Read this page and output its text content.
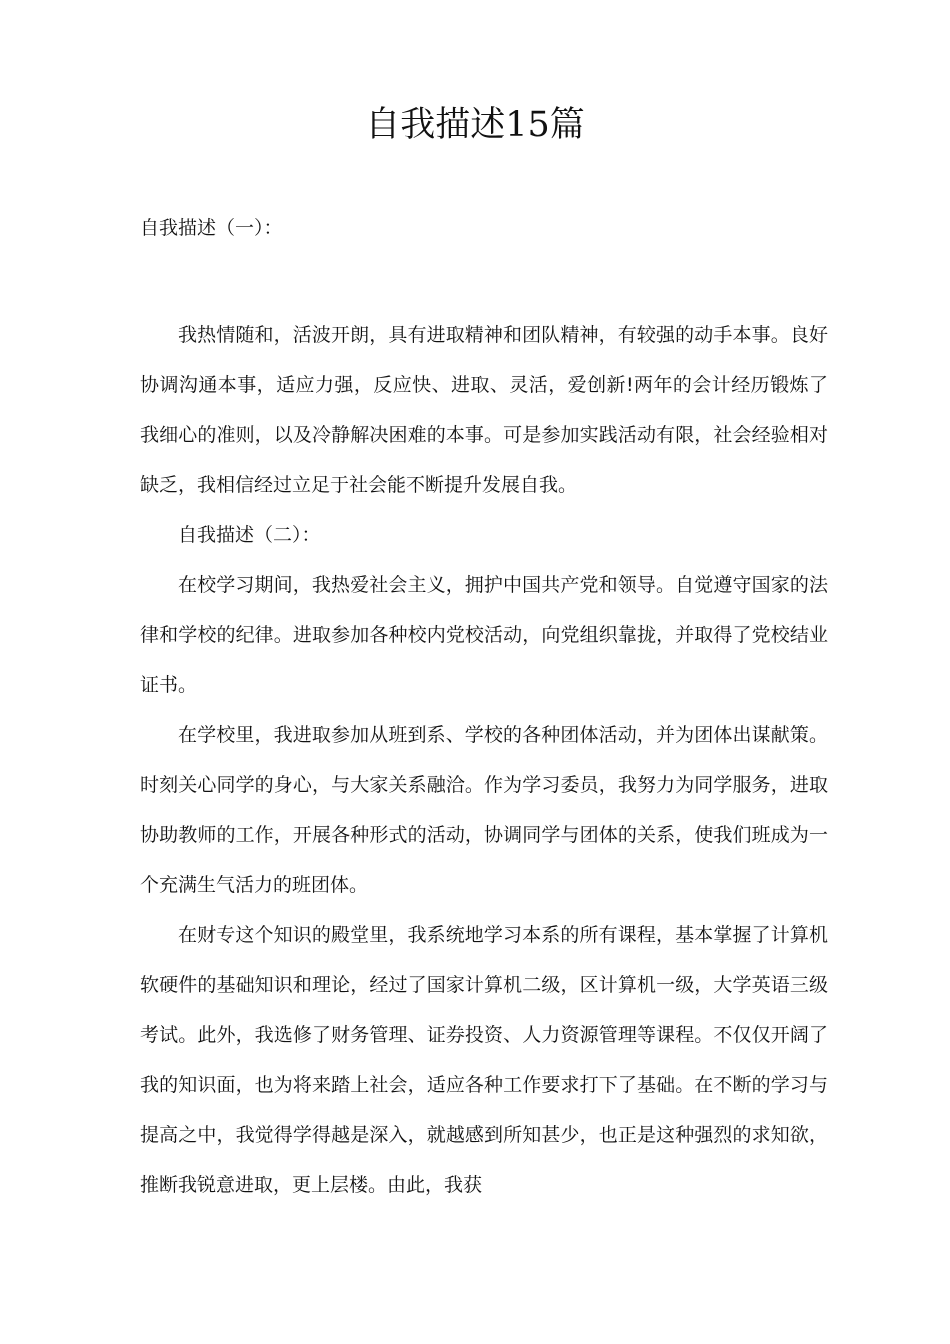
自我描述15篇
自我描述（一）：

我热情随和，活波开朗，具有进取精神和团队精神，有较强的动手本事。良好协调沟通本事，适应力强，反应快、进取、灵活，爱创新!两年的会计经历锻炼了我细心的准则，以及冷静解决困难的本事。可是参加实践活动有限，社会经验相对缺乏，我相信经过立足于社会能不断提升发展自我。

自我描述（二）：

在校学习期间，我热爱社会主义，拥护中国共产党和领导。自觉遵守国家的法律和学校的纪律。进取参加各种校内党校活动，向党组织靠拢，并取得了党校结业证书。

在学校里，我进取参加从班到系、学校的各种团体活动，并为团体出谋献策。时刻关心同学的身心，与大家关系融洽。作为学习委员，我努力为同学服务，进取协助教师的工作，开展各种形式的活动，协调同学与团体的关系，使我们班成为一个充满生气活力的班团体。

在财专这个知识的殿堂里，我系统地学习本系的所有课程，基本掌握了计算机软硬件的基础知识和理论，经过了国家计算机二级，区计算机一级，大学英语三级考试。此外，我选修了财务管理、证券投资、人力资源管理等课程。不仅仅开阔了我的知识面，也为将来踏上社会，适应各种工作要求打下了基础。在不断的学习与提高之中，我觉得学得越是深入，就越感到所知甚少，也正是这种强烈的求知欲，推断我锐意进取，更上层楼。由此，我获
